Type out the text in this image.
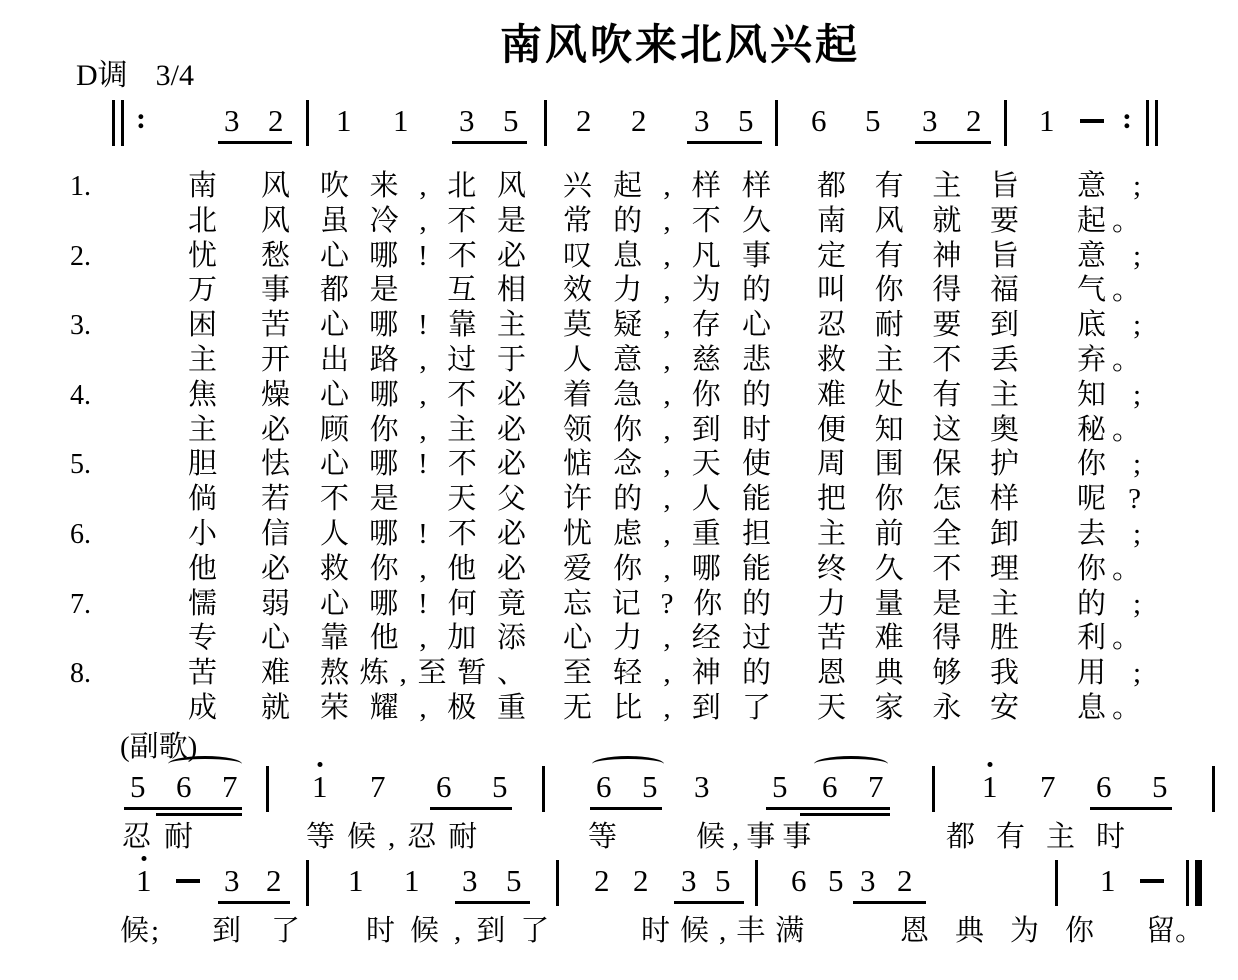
南风吹来北风兴起
D调 3/4
:	3 2 1 1 3 5 2 2 3 5 6 5 3 2 1 :
1.	南风 吹来,北风 兴起,样样 都有主旨 意;
北风 虽冷,不是 常的,不久 南风就要 起。
2.	忧愁 心哪!不必 叹息,凡事 定有神旨 意;
万事 都是 互相 效力,为的 叫你得福 气。
3.	困苦 心哪!靠主 莫疑,存心 忍耐要到 底;
主开 出路,过于 人意,慈悲 救主不丢 弃。
4.	焦燥 心哪,不必 着急,你的 难处有主 知;
主必 顾你,主必 领你,到时 便知这奥 秘。
5.	胆怯 心哪!不必 惦念,天使 周围保护 你;
倘若 不是 天父 许的,人能 把你怎样 呢?
6.	小信 人哪!不必 忧虑,重担 主前全卸 去;
他必 救你,他必 爱你,哪能 终久不理 你。
7.	懦弱 心哪!何竟 忘记?你的 力量是主 的;
专心 靠他,加添 心力,经过 苦难得胜 利。
8.	苦难 熬炼,至暂、 至轻,神的 恩典够我 用;
成就 荣耀,极重 无比,到了 天家永安 息。
(副歌)
5 6 7 1 7 6 5	6 5 3 5 6 7	1 7 6 5
忍耐	等候,忍耐	等	候,事事	都有主时
1 3 2 1 1 3 5 2 2 3 5 6 5 3 2	1
候; 到了 时候,到了	时候,丰满	恩典为你 留。
